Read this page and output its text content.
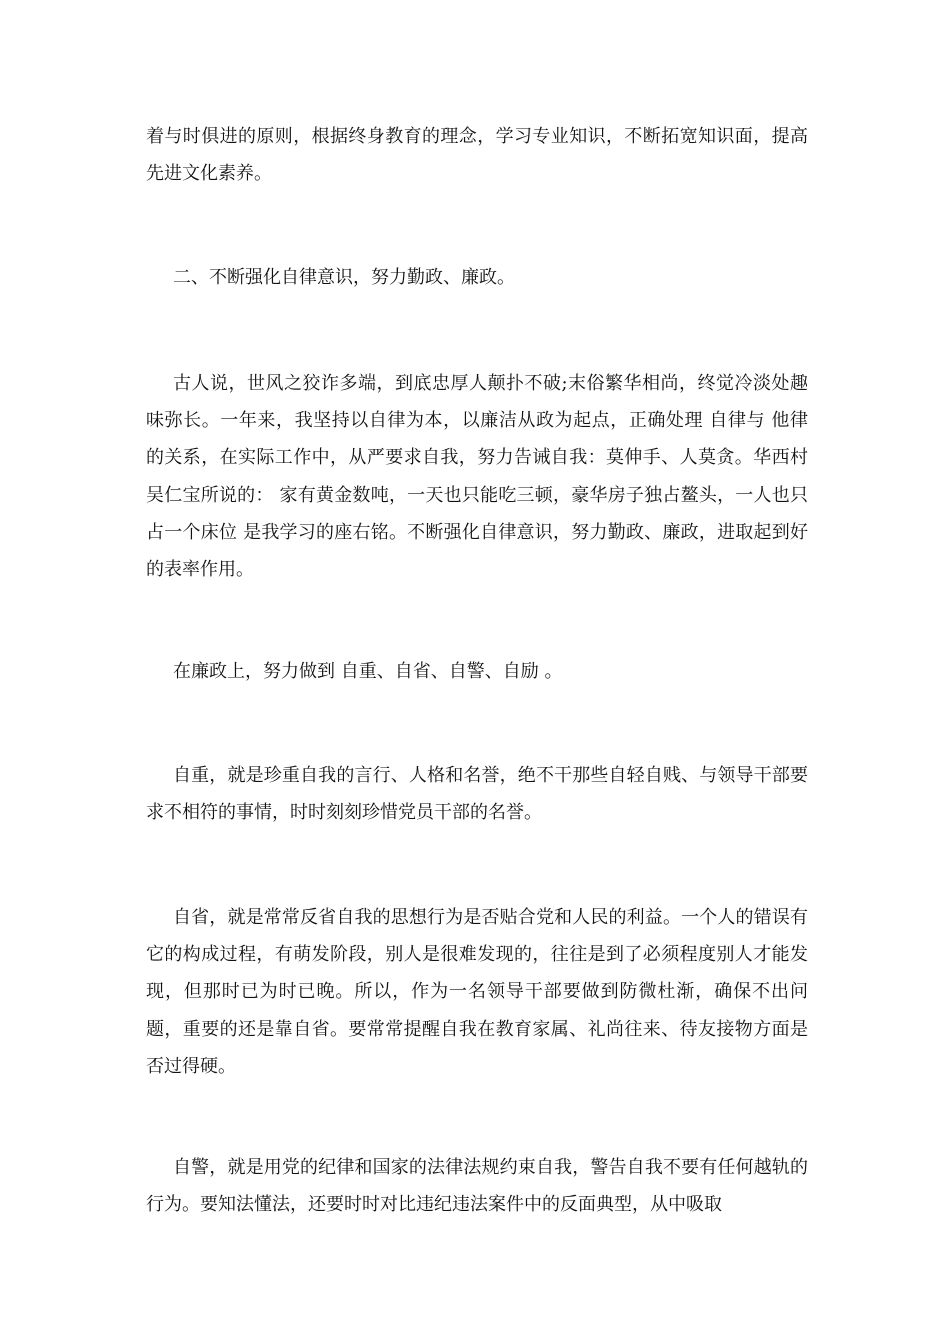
着与时俱进的原则，根据终身教育的理念，学习专业知识，不断拓宽知识面，提高先进文化素养。

二、不断强化自律意识，努力勤政、廉政。

古人说，世风之狡诈多端，到底忠厚人颠扑不破;末俗繁华相尚，终觉冷淡处趣味弥长。一年来，我坚持以自律为本，以廉洁从政为起点，正确处理 自律与 他律 的关系，在实际工作中，从严要求自我，努力告诫自我：莫伸手、人莫贪。华西村吴仁宝所说的： 家有黄金数吨，一天也只能吃三顿，豪华房子独占鳌头，一人也只占一个床位 是我学习的座右铭。不断强化自律意识，努力勤政、廉政，进取起到好的表率作用。

在廉政上，努力做到 自重、自省、自警、自励 。

自重，就是珍重自我的言行、人格和名誉，绝不干那些自轻自贱、与领导干部要求不相符的事情，时时刻刻珍惜党员干部的名誉。

自省，就是常常反省自我的思想行为是否贴合党和人民的利益。一个人的错误有它的构成过程，有萌发阶段，别人是很难发现的，往往是到了必须程度别人才能发现，但那时已为时已晚。所以，作为一名领导干部要做到防微杜渐，确保不出问题，重要的还是靠自省。要常常提醒自我在教育家属、礼尚往来、待友接物方面是否过得硬。

自警，就是用党的纪律和国家的法律法规约束自我，警告自我不要有任何越轨的行为。要知法懂法，还要时时对比违纪违法案件中的反面典型，从中吸取
